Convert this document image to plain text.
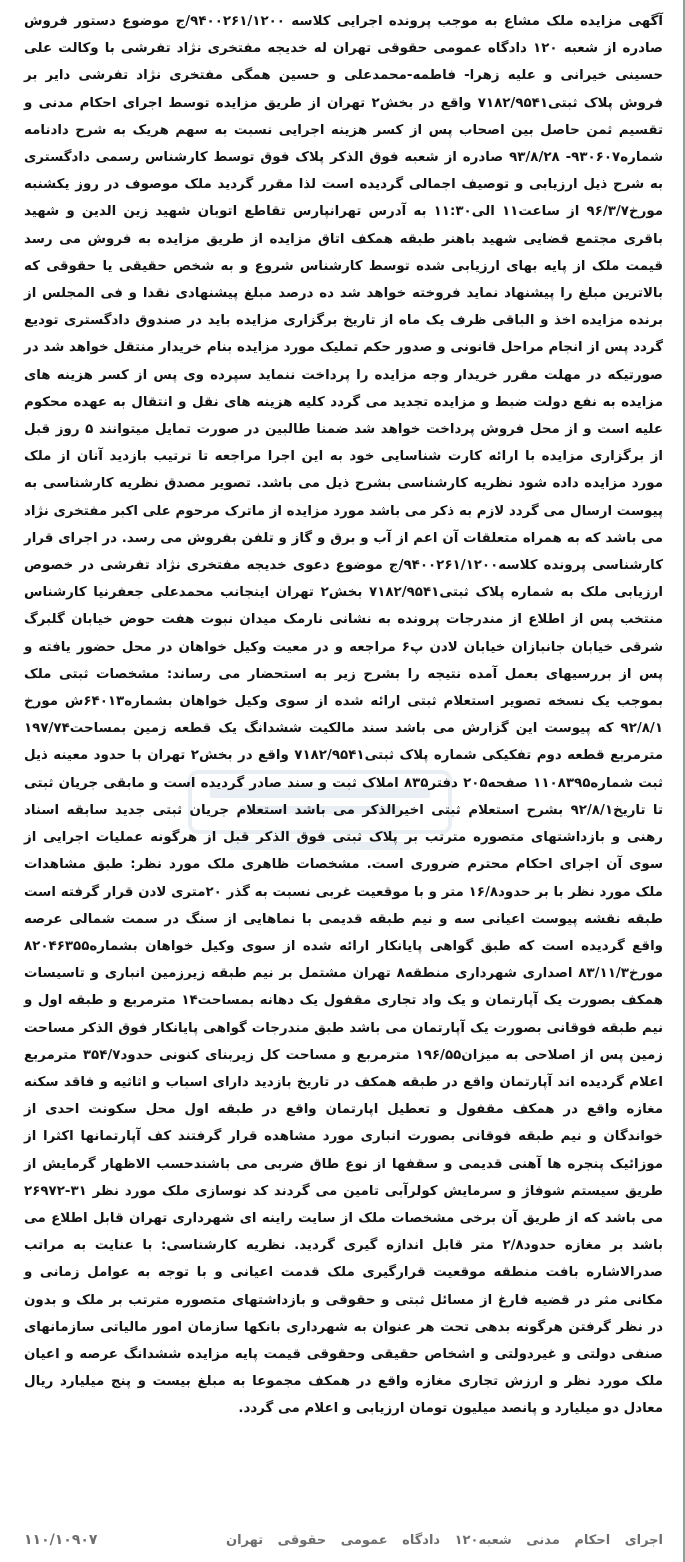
آگهی مزایده ملک مشاع به موجب پرونده اجرایی کلاسه ۹۴۰۰۲۶۱/۱۲۰۰/ج موضوع دستور فروش صادره از شعبه ۱۲۰ دادگاه عمومی حقوقی تهران له خدیجه مفتخری نژاد تفرشی با وکالت علی حسینی خیرانی و علیه زهرا- فاطمه-محمدعلی و حسین همگی مفتخری نژاد تفرشی دایر بر فروش پلاک ثبتی۷۱۸۲/۹۵۴۱ واقع در بخش۲ تهران از طریق مزایده توسط اجرای احکام مدنی و تقسیم ثمن حاصل بین اصحاب پس از کسر هزینه اجرایی نسبت به سهم هریک به شرح دادنامه شماره۹۳۰۶۰۷- ۹۳/۸/۲۸ صادره از شعبه فوق الذکر پلاک فوق توسط کارشناس رسمی دادگستری به شرح ذیل ارزیابی و توصیف اجمالی گردیده است لذا مقرر گردید ملک موصوف در روز یکشنبه مورخ۹۶/۳/۷ از ساعت۱۱ الی۱۱:۳۰ به آدرس تهرانپارس تقاطع اتوبان شهید زین الدین و شهید باقری مجتمع قضایی شهید باهنر طبقه همکف اتاق مزایده از طریق مزایده به فروش می رسد قیمت ملک از پایه بهای ارزیابی شده توسط کارشناس شروع و به شخص حقیقی یا حقوقی که بالاترین مبلغ را پیشنهاد نماید فروخته خواهد شد ده درصد مبلغ پیشنهادی نقدا و فی المجلس از برنده مزایده اخذ و الباقی ظرف یک ماه از تاریخ برگزاری مزایده باید در صندوق دادگستری تودیع گردد پس از انجام مراحل قانونی و صدور حکم تملیک مورد مزایده بنام خریدار منتقل خواهد شد در صورتیکه در مهلت مقرر خریدار وجه مزایده را پرداخت ننماید سپرده وی پس از کسر هزینه های مزایده به نفع دولت ضبط و مزایده تجدید می گردد کلیه هزینه های نقل و انتقال به عهده محکوم علیه است و از محل فروش پرداخت خواهد شد ضمنا طالبین در صورت تمایل میتوانند ۵ روز قبل از برگزاری مزایده با ارائه کارت شناسایی خود به این اجرا مراجعه تا ترتیب بازدید آنان از ملک مورد مزایده داده شود نظریه کارشناسی بشرح ذیل می باشد. تصویر مصدق نظریه کارشناسی به پیوست ارسال می گردد لازم به ذکر می باشد مورد مزایده از ماترک مرحوم علی اکبر مفتخری نژاد می باشد که به همراه متعلقات آن اعم از آب و برق و گاز و تلفن بفروش می رسد. در اجرای قرار کارشناسی پرونده کلاسه۹۴۰۰۲۶۱/۱۲۰۰/ج موضوع دعوی خدیجه مفتخری نژاد تفرشی در خصوص ارزیابی ملک به شماره پلاک ثبتی۷۱۸۲/۹۵۴۱ بخش۲ تهران اینجانب محمدعلی جعفرنیا کارشناس منتخب پس از اطلاع از مندرجات پرونده به نشانی نارمک میدان نبوت هفت حوض خیابان گلبرگ شرقی خیابان جانبازان خیابان لادن پ۶ مراجعه و در معیت وکیل خواهان در محل حضور یافته و پس از بررسیهای بعمل آمده نتیجه را بشرح زیر به استحضار می رساند: مشخصات ثبتی ملک بموجب یک نسخه تصویر استعلام ثبتی ارائه شده از سوی وکیل خواهان بشماره۶۴۰۱۳ش مورخ ۹۲/۸/۱ که پیوست این گزارش می باشد سند مالکیت ششدانگ یک قطعه زمین بمساحت۱۹۷/۷۴ مترمربع قطعه دوم تفکیکی شماره پلاک ثبتی۷۱۸۲/۹۵۴۱ واقع در بخش۲ تهران با حدود معینه ذیل ثبت شماره۱۱۰۸۳۹۵ صفحه۲۰۵ دفتر۸۳۵ املاک ثبت و سند صادر گردیده است و مابقی جریان ثبتی تا تاریخ۹۲/۸/۱ بشرح استعلام ثبتی اخیرالذکر می باشد استعلام جریان ثبتی جدید سابقه اسناد رهنی و بازداشتهای متصوره مترتب بر پلاک ثبتی فوق الذکر قبل از هرگونه عملیات اجرایی از سوی آن اجرای احکام محترم ضروری است. مشخصات ظاهری ملک مورد نظر: طبق مشاهدات ملک مورد نظر با بر حدود۱۶/۸ متر و با موقعیت غربی نسبت به گذر ۲۰متری لادن قرار گرفته است طبقه نقشه پیوست اعیانی سه و نیم طبقه قدیمی با نماهایی از سنگ در سمت شمالی عرصه واقع گردیده است که طبق گواهی پایانکار ارائه شده از سوی وکیل خواهان بشماره۸۲۰۴۶۳۵۵ مورخ۸۳/۱۱/۳ اصداری شهرداری منطقه۸ تهران مشتمل بر نیم طبقه زیرزمین انباری و تاسیسات همکف بصورت یک آپارتمان و یک واد تجاری مقفول یک دهانه بمساحت۱۴ مترمربع و طبقه اول و نیم طبقه فوقانی بصورت یک آپارتمان می باشد طبق مندرجات گواهی پایانکار فوق الذکر مساحت زمین پس از اصلاحی به میزان۱۹۶/۵۵ مترمربع و مساحت کل زیربنای کنونی حدود۳۵۴/۷ مترمربع اعلام گردیده اند آپارتمان واقع در طبقه همکف در تاریخ بازدید دارای اسباب و اثاثیه و فاقد سکنه مغازه واقع در همکف مقفول و تعطیل اپارتمان واقع در طبقه اول محل سکونت احدی از خواندگان و نیم طبقه فوقانی بصورت انباری مورد مشاهده قرار گرفتند کف آپارتمانها اکثرا از موزائیک پنجره ها آهنی قدیمی و سقفها از نوع طاق ضربی می باشندحسب الاظهار گرمایش از طریق سیستم شوفاژ و سرمایش کولرآبی تامین می گردند کد نوسازی ملک مورد نظر ۳۱-۲۶۹۷۲ می باشد که از طریق آن برخی مشخصات ملک از سایت راینه ای شهرداری تهران قابل اطلاع می باشد بر مغازه حدود۲/۸ متر قابل اندازه گیری گردید. نظریه کارشناسی: با عنایت به مراتب صدرالاشاره بافت منطقه موقعیت قرارگیری ملک قدمت اعیانی و با توجه به عوامل زمانی و مکانی مثر در قضیه فارغ از مسائل ثبتی و حقوقی و بازداشتهای متصوره مترتب بر ملک و بدون در نظر گرفتن هرگونه بدهی تحت هر عنوان به شهرداری بانکها سازمان امور مالیاتی سازمانهای صنفی دولتی و غیردولتی و اشخاص حقیقی وحقوقی قیمت پایه مزایده ششدانگ عرصه و اعیان ملک مورد نظر و ارزش تجاری مغازه واقع در همکف مجموعا به مبلغ بیست و پنج میلیارد ریال معادل دو میلیارد و پانصد میلیون تومان ارزیابی و اعلام می گردد.
اجرای احکام مدنی شعبه۱۲۰ دادگاه عمومی حقوقی تهران
۱۱۰/۱۰۹۰۷
